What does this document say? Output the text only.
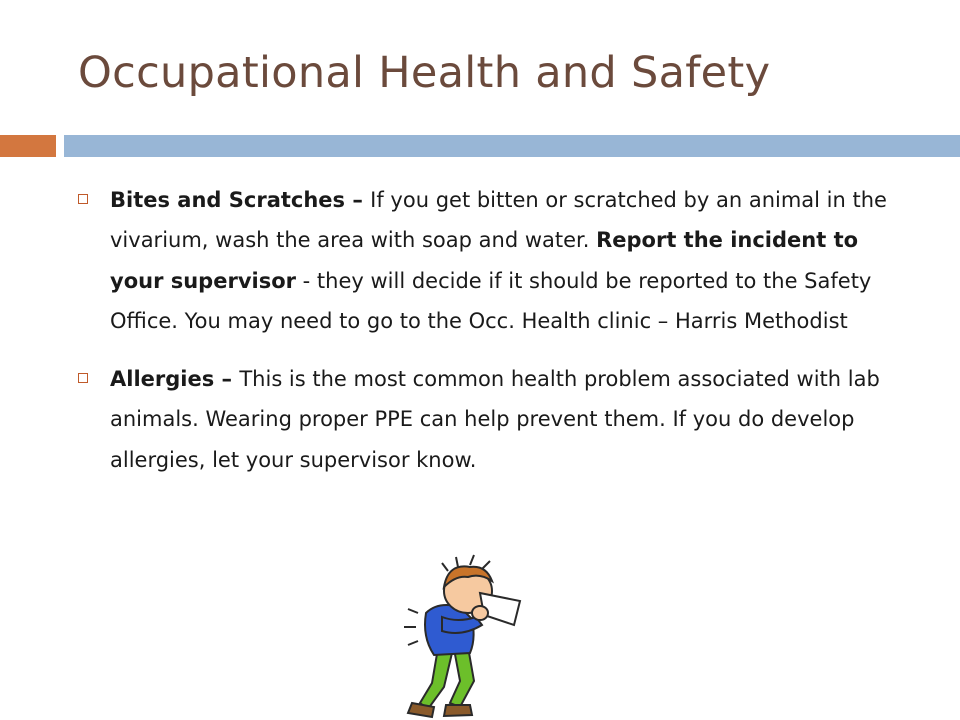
Occupational Health and Safety
Bites and Scratches – If you get bitten or scratched by an animal in the vivarium, wash the area with soap and water. Report the incident to your supervisor - they will decide if it should be reported to the Safety Office. You may need to go to the Occ. Health clinic – Harris Methodist
Allergies – This is the most common health problem associated with lab animals. Wearing proper PPE can help prevent them. If you do develop allergies, let your supervisor know.
